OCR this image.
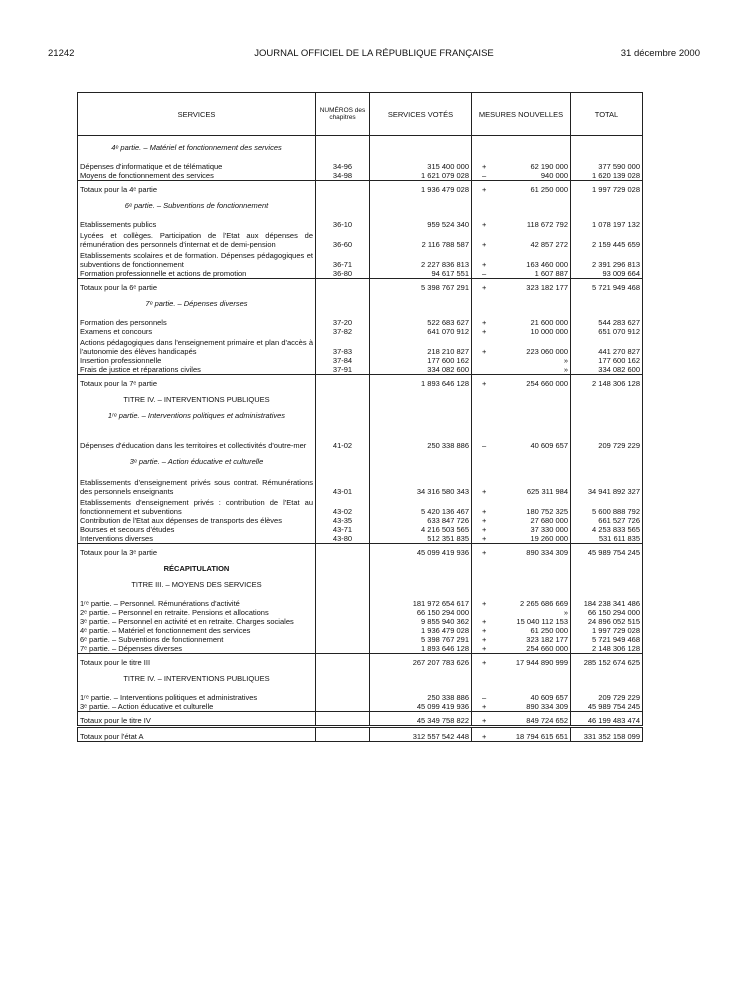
21242	JOURNAL OFFICIEL DE LA RÉPUBLIQUE FRANÇAISE	31 décembre 2000
SERVICES	NUMÉROS des chapitres	SERVICES VOTÉS	MESURES NOUVELLES	TOTAL
4ᵉ partie. – Matériel et fonctionnement des services				

Dépenses d'informatique et de télématique	34-96	315 400 000	+ 62 190 000	377 590 000

Moyens de fonctionnement des services	34-98	1 621 079 028	– 940 000	1 620 139 028
Totaux pour la 4ᵉ partie		1 936 479 028	+ 61 250 000	1 997 729 028
6ᵉ partie. – Subventions de fonctionnement				

Etablissements publics	36-10	959 524 340	+ 118 672 792	1 078 197 132

Lycées et collèges. Participation de l'Etat aux dépenses de rémunération des personnels d'internat et de demi-pension	36-60	2 116 788 587	+ 42 857 272	2 159 445 659

Etablissements scolaires et de formation. Dépenses pédagogiques et subventions de fonctionnement	36-71	2 227 836 813	+ 163 460 000	2 391 296 813

Formation professionnelle et actions de promotion	36-80	94 617 551	– 1 607 887	93 009 664
Totaux pour la 6ᵉ partie		5 398 767 291	+ 323 182 177	5 721 949 468
7ᵉ partie. – Dépenses diverses				

Formation des personnels	37-20	522 683 627	+ 21 600 000	544 283 627

Examens et concours	37-82	641 070 912	+ 10 000 000	651 070 912

Actions pédagogiques dans l'enseignement primaire et plan d'accès à l'autonomie des élèves handicapés	37-83	218 210 827	+ 223 060 000	441 270 827

Insertion professionnelle	37-84	177 600 162	»	177 600 162

Frais de justice et réparations civiles	37-91	334 082 600	»	334 082 600
Totaux pour la 7ᵉ partie		1 893 646 128	+ 254 660 000	2 148 306 128
TITRE IV. – INTERVENTIONS PUBLIQUES				
1ʳᵉ partie. – Interventions politiques et administratives				

Dépenses d'éducation dans les territoires et collectivités d'outre-mer	41-02	250 338 886	– 40 609 657	209 729 229
3ᵉ partie. – Action éducative et culturelle				

Etablissements d'enseignement privés sous contrat. Rémunérations des personnels enseignants	43-01	34 316 580 343	+ 625 311 984	34 941 892 327

Etablissements d'enseignement privés : contribution de l'Etat au fonctionnement et subventions	43-02	5 420 136 467	+ 180 752 325	5 600 888 792

Contribution de l'Etat aux dépenses de transports des élèves	43-35	633 847 726	+ 27 680 000	661 527 726

Bourses et secours d'études	43-71	4 216 503 565	+ 37 330 000	4 253 833 565

Interventions diverses	43-80	512 351 835	+ 19 260 000	531 611 835
Totaux pour la 3ᵉ partie		45 099 419 936	+ 890 334 309	45 989 754 245
RÉCAPITULATION				
TITRE III. – MOYENS DES SERVICES				

1ʳᵉ partie. – Personnel. Rémunérations d'activité		181 972 654 617	+ 2 265 686 669	184 238 341 486

2ᵉ partie. – Personnel en retraite. Pensions et allocations		66 150 294 000	»	66 150 294 000

3ᵉ partie. – Personnel en activité et en retraite. Charges sociales		9 855 940 362	+ 15 040 112 153	24 896 052 515

4ᵉ partie. – Matériel et fonctionnement des services		1 936 479 028	+ 61 250 000	1 997 729 028

6ᵉ partie. – Subventions de fonctionnement		5 398 767 291	+ 323 182 177	5 721 949 468

7ᵉ partie. – Dépenses diverses		1 893 646 128	+ 254 660 000	2 148 306 128
Totaux pour le titre III		267 207 783 626	+ 17 944 890 999	285 152 674 625
TITRE IV. – INTERVENTIONS PUBLIQUES				

1ʳᵉ partie. – Interventions politiques et administratives		250 338 886	– 40 609 657	209 729 229

3ᵉ partie. – Action éducative et culturelle		45 099 419 936	+ 890 334 309	45 989 754 245
Totaux pour le titre IV		45 349 758 822	+ 849 724 652	46 199 483 474
Totaux pour l'état A		312 557 542 448	+ 18 794 615 651	331 352 158 099
